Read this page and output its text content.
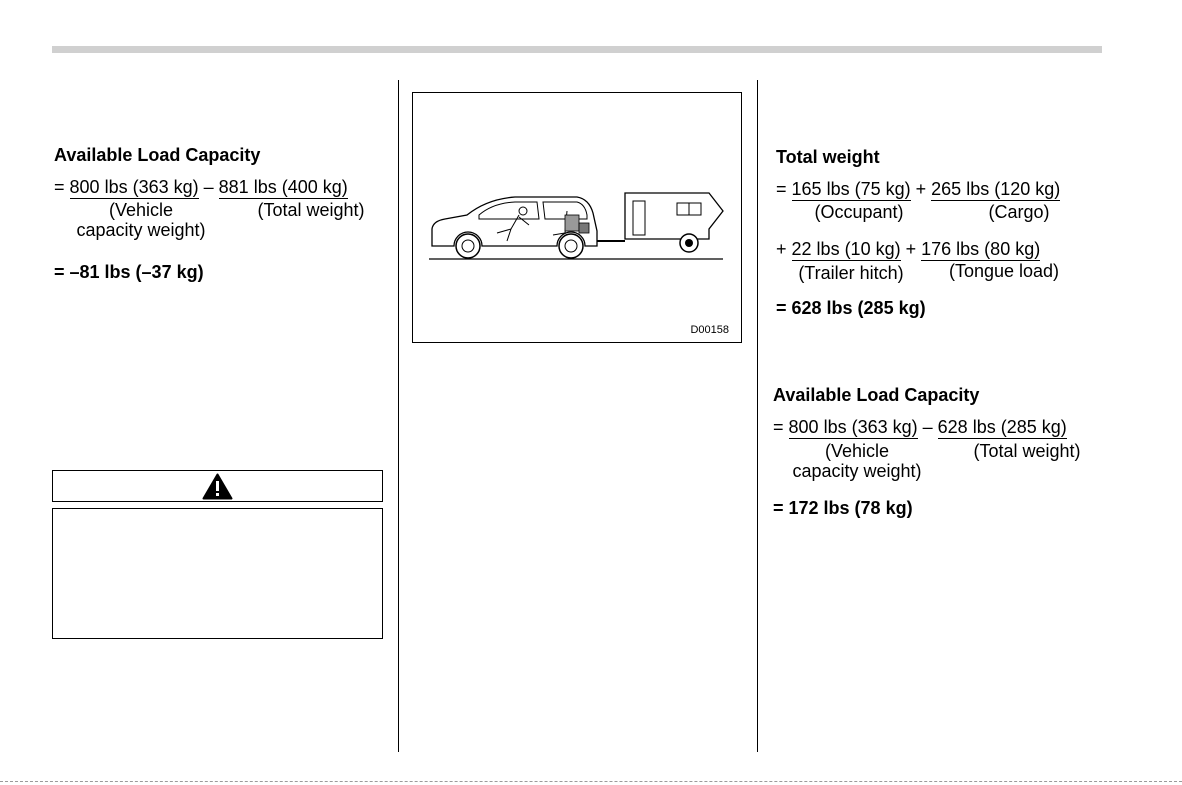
Available Load Capacity
= 800 lbs (363 kg) – 881 lbs (400 kg)
(Vehicle
capacity weight)
(Total weight)
= –81 lbs (–37 kg)
D00158
Total weight
= 165 lbs (75 kg) + 265 lbs (120 kg)
(Occupant)	(Cargo)
+ 22 lbs (10 kg) + 176 lbs (80 kg)
(Trailer hitch)	(Tongue load)
= 628 lbs (285 kg)
Available Load Capacity
= 800 lbs (363 kg) – 628 lbs (285 kg)
(Vehicle
capacity weight)
(Total weight)
= 172 lbs (78 kg)
